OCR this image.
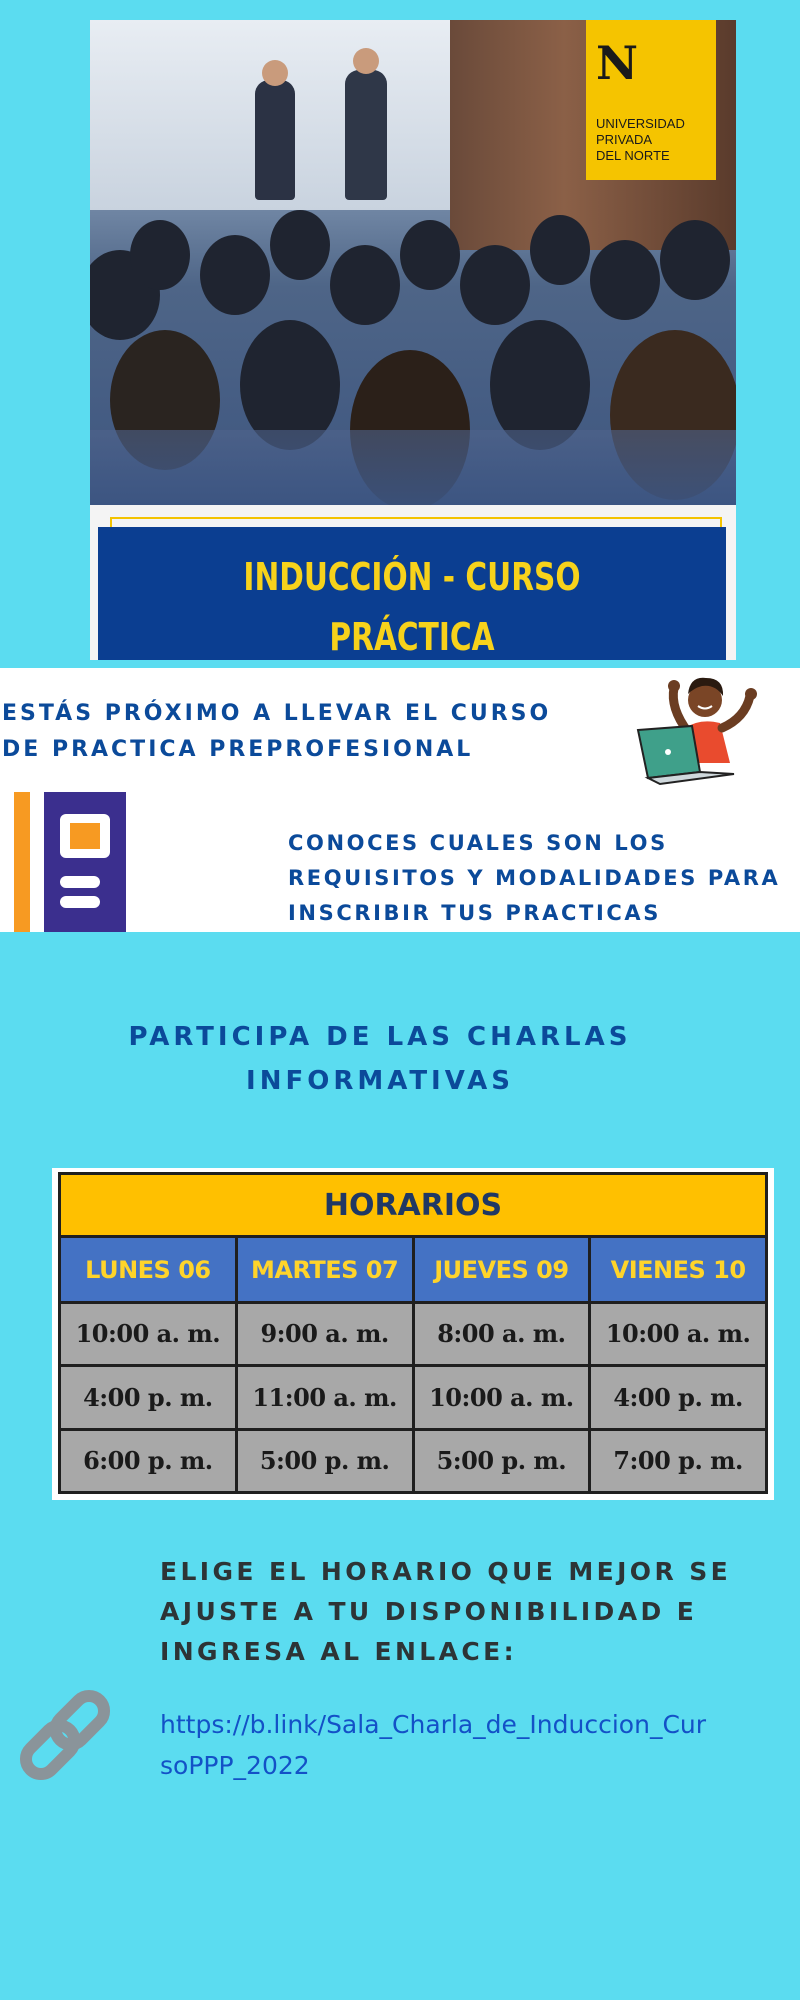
N
UNIVERSIDAD
PRIVADA
DEL NORTE
INDUCCIÓN - CURSO PRÁCTICA
ESTÁS PRÓXIMO A LLEVAR EL CURSO
DE PRACTICA PREPROFESIONAL
CONOCES CUALES SON LOS
REQUISITOS Y MODALIDADES PARA
INSCRIBIR TUS PRACTICAS
PARTICIPA DE LAS CHARLAS
INFORMATIVAS
HORARIOS			
LUNES 06	MARTES 07	JUEVES 09	VIENES 10
10:00 a. m.	9:00 a. m.	8:00 a. m.	10:00 a. m.
4:00 p. m.	11:00 a. m.	10:00 a. m.	4:00 p. m.
6:00 p. m.	5:00 p. m.	5:00 p. m.	7:00 p. m.
ELIGE EL HORARIO QUE MEJOR SE
AJUSTE A TU DISPONIBILIDAD E
INGRESA AL ENLACE:
https://b.link/Sala_Charla_de_Induccion_Cur
soPPP_2022
